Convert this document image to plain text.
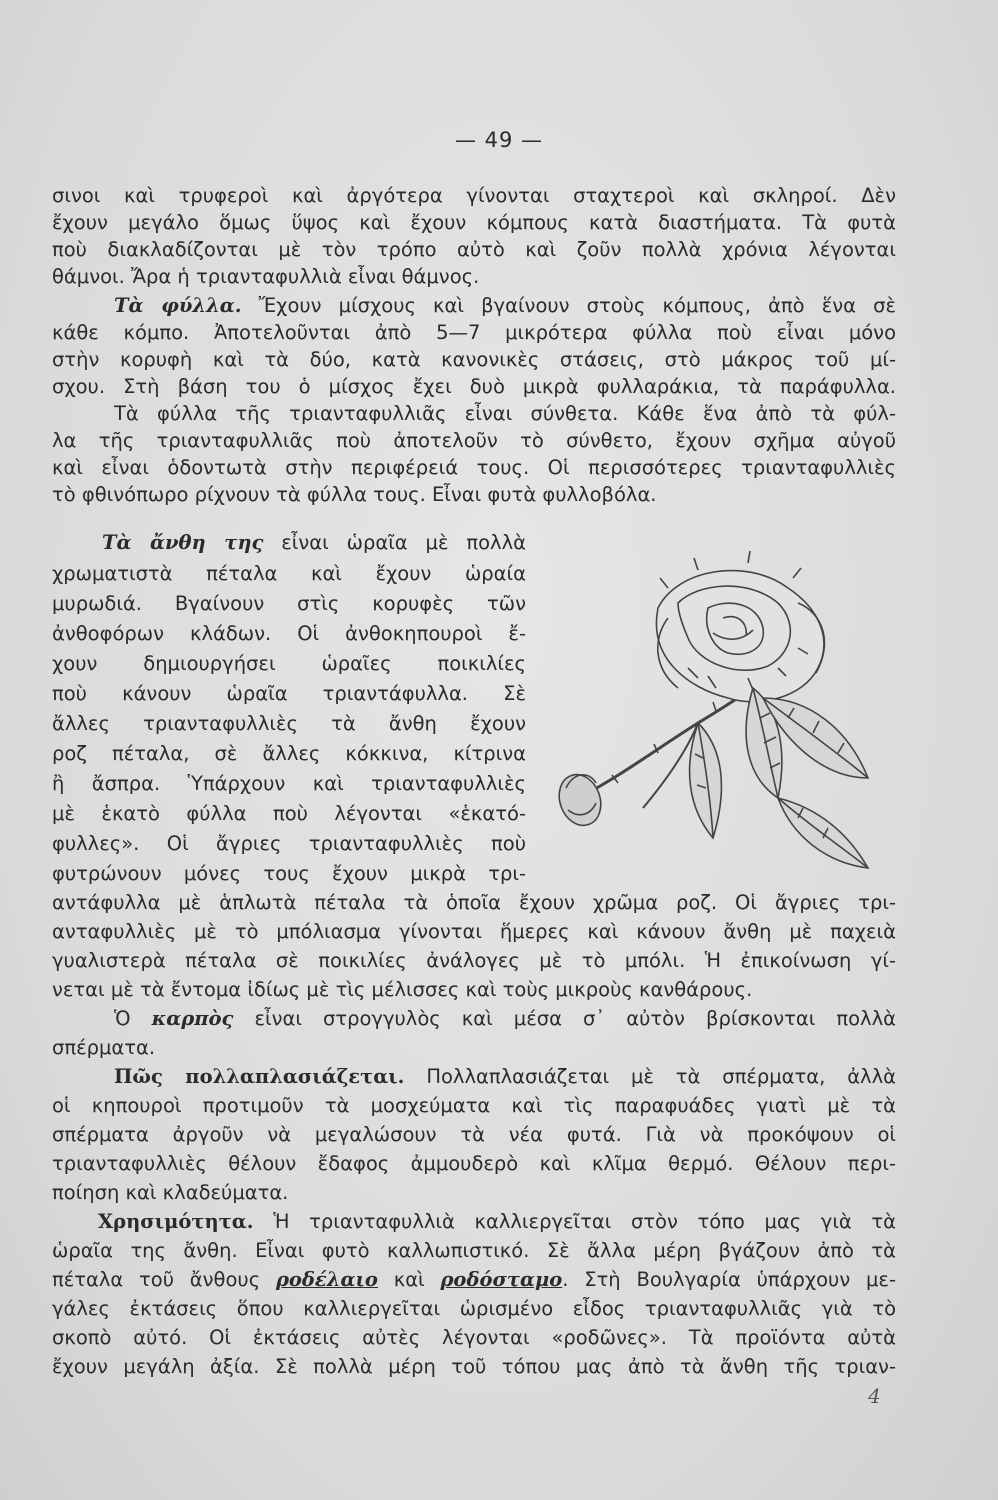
— 49 —
σινοι καὶ τρυφεροὶ καὶ ἀργότερα γίνονται σταχτεροὶ καὶ σκληροί. Δὲν
ἔχουν μεγάλο ὅμως ὕψος καὶ ἔχουν κόμπους κατὰ διαστήματα. Τὰ φυτὰ
ποὺ διακλαδίζονται μὲ τὸν τρόπο αὐτὸ καὶ ζοῦν πολλὰ χρόνια λέγονται
θάμνοι. Ἄρα ἡ τριανταφυλλιὰ εἶναι θάμνος.
Τὰ φύλλα. Ἔχουν μίσχους καὶ βγαίνουν στοὺς κόμπους, ἀπὸ ἕνα σὲ
κάθε κόμπο. Ἀποτελοῦνται ἀπὸ 5—7 μικρότερα φύλλα ποὺ εἶναι μόνο
στὴν κορυφὴ καὶ τὰ δύο, κατὰ κανονικὲς στάσεις, στὸ μάκρος τοῦ μί-
σχου. Στὴ βάση του ὁ μίσχος ἔχει δυὸ μικρὰ φυλλαράκια, τὰ παράφυλλα.
Τὰ φύλλα τῆς τριανταφυλλιᾶς εἶναι σύνθετα. Κάθε ἕνα ἀπὸ τὰ φύλ-
λα τῆς τριανταφυλλιᾶς ποὺ ἀποτελοῦν τὸ σύνθετο, ἔχουν σχῆμα αὐγοῦ
καὶ εἶναι ὁδοντωτὰ στὴν περιφέρειά τους. Οἱ περισσότερες τριανταφυλλιὲς
τὸ φθινόπωρο ρίχνουν τὰ φύλλα τους. Εἶναι φυτὰ φυλλοβόλα.
Τὰ ἄνθη της εἶναι ὡραῖα μὲ πολλὰ
χρωματιστὰ πέταλα καὶ ἔχουν ὡραία
μυρωδιά. Βγαίνουν στὶς κορυφὲς τῶν
ἀνθοφόρων κλάδων. Οἱ ἀνθοκηπουροὶ ἔ-
χουν δημιουργήσει ὡραῖες ποικιλίες
ποὺ κάνουν ὡραῖα τριαντάφυλλα. Σὲ
ἄλλες τριανταφυλλιὲς τὰ ἄνθη ἔχουν
ροζ πέταλα, σὲ ἄλλες κόκκινα, κίτρινα
ἢ ἄσπρα. Ὑπάρχουν καὶ τριανταφυλλιὲς
μὲ ἑκατὸ φύλλα ποὺ λέγονται «ἑκατό-
φυλλες». Οἱ ἄγριες τριανταφυλλιὲς ποὺ
φυτρώνουν μόνες τους ἔχουν μικρὰ τρι-
αντάφυλλα μὲ ἁπλωτὰ πέταλα τὰ ὁποῖα ἔχουν χρῶμα ροζ. Οἱ ἄγριες τρι-
ανταφυλλιὲς μὲ τὸ μπόλιασμα γίνονται ἥμερες καὶ κάνουν ἄνθη μὲ παχειὰ
γυαλιστερὰ πέταλα σὲ ποικιλίες ἀνάλογες μὲ τὸ μπόλι. Ἡ ἐπικοίνωση γί-
νεται μὲ τὰ ἔντομα ἰδίως μὲ τὶς μέλισσες καὶ τοὺς μικροὺς κανθάρους.
Ὁ καρπὸς εἶναι στρογγυλὸς καὶ μέσα σ᾽ αὐτὸν βρίσκονται πολλὰ
σπέρματα.
Πῶς πολλαπλασιάζεται. Πολλαπλασιάζεται μὲ τὰ σπέρματα, ἀλλὰ
οἱ κηπουροὶ προτιμοῦν τὰ μοσχεύματα καὶ τὶς παραφυάδες γιατὶ μὲ τὰ
σπέρματα ἀργοῦν νὰ μεγαλώσουν τὰ νέα φυτά. Γιὰ νὰ προκόψουν οἱ
τριανταφυλλιὲς θέλουν ἔδαφος ἀμμουδερὸ καὶ κλῖμα θερμό. Θέλουν περι-
ποίηση καὶ κλαδεύματα.
Χρησιμότητα. Ἡ τριανταφυλλιὰ καλλιεργεῖται στὸν τόπο μας γιὰ τὰ
ὡραῖα της ἄνθη. Εἶναι φυτὸ καλλωπιστικό. Σὲ ἄλλα μέρη βγάζουν ἀπὸ τὰ
πέταλα τοῦ ἄνθους ροδέλαιο καὶ ροδόσταμο. Στὴ Βουλγαρία ὑπάρχουν με-
γάλες ἐκτάσεις ὅπου καλλιεργεῖται ὡρισμένο εἶδος τριανταφυλλιᾶς γιὰ τὸ
σκοπὸ αὐτό. Οἱ ἐκτάσεις αὐτὲς λέγονται «ροδῶνες». Τὰ προϊόντα αὐτὰ
ἔχουν μεγάλη ἀξία. Σὲ πολλὰ μέρη τοῦ τόπου μας ἀπὸ τὰ ἄνθη τῆς τριαν-
4
